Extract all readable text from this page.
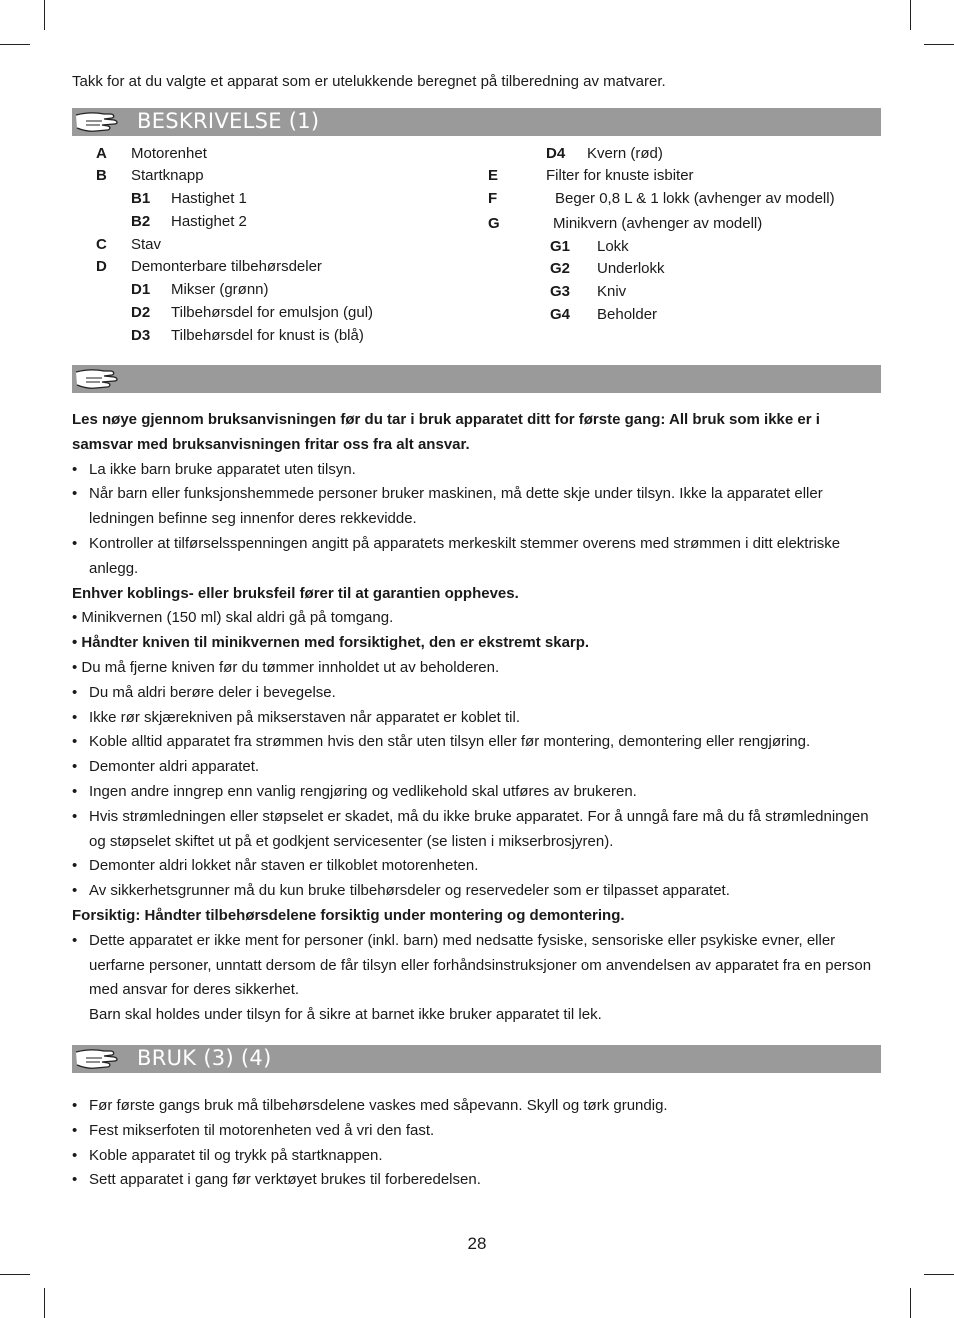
Takk for at du valgte et apparat som er utelukkende beregnet på tilberedning av matvarer.
BESKRIVELSE (1)
A Motorenhet
B Startknapp
B1 Hastighet 1
B2 Hastighet 2
C Stav
D Demonterbare tilbehørsdeler
D1 Mikser (grønn)
D2 Tilbehørsdel for emulsjon (gul)
D3 Tilbehørsdel for knust is (blå)
D4 Kvern (rød)
E	Filter for knuste isbiter
F	Beger 0,8 L & 1 lokk (avhenger av modell)
G	Minikvern (avhenger av modell)
G1 Lokk
G2 Underlokk
G3 Kniv
G4 Beholder

Les nøye gjennom bruksanvisningen før du tar i bruk apparatet ditt for første gang: All bruk som ikke er i samsvar med bruksanvisningen fritar oss fra alt ansvar.

• La ikke barn bruke apparatet uten tilsyn.

• Når barn eller funksjonshemmede personer bruker maskinen, må dette skje under tilsyn. Ikke la apparatet eller ledningen befinne seg innenfor deres rekkevidde.

• Kontroller at tilførselsspenningen angitt på apparatets merkeskilt stemmer overens med strømmen i ditt elektriske anlegg.

Enhver koblings- eller bruksfeil fører til at garantien oppheves.

• Minikvernen (150 ml) skal aldri gå på tomgang.

• Håndter kniven til minikvernen med forsiktighet, den er ekstremt skarp.

• Du må fjerne kniven før du tømmer innholdet ut av beholderen.

• Du må aldri berøre deler i bevegelse.

• Ikke rør skjærekniven på mikserstaven når apparatet er koblet til.

• Koble alltid apparatet fra strømmen hvis den står uten tilsyn eller før montering, demontering eller rengjøring.

• Demonter aldri apparatet.

• Ingen andre inngrep enn vanlig rengjøring og vedlikehold skal utføres av brukeren.

• Hvis strømledningen eller støpselet er skadet, må du ikke bruke apparatet. For å unngå fare må du få strømledningen og støpselet skiftet ut på et godkjent servicesenter (se listen i mikserbrosjyren).

• Demonter aldri lokket når staven er tilkoblet motorenheten.

• Av sikkerhetsgrunner må du kun bruke tilbehørsdeler og reservedeler som er tilpasset apparatet.

Forsiktig: Håndter tilbehørsdelene forsiktig under montering og demontering.

• Dette apparatet er ikke ment for personer (inkl. barn) med nedsatte fysiske, sensoriske eller psykiske evner, eller uerfarne personer, unntatt dersom de får tilsyn eller forhåndsinstruksjoner om anvendelsen av apparatet fra en person med ansvar for deres sikkerhet.

Barn skal holdes under tilsyn for å sikre at barnet ikke bruker apparatet til lek.

BRUK (3) (4)

• Før første gangs bruk må tilbehørsdelene vaskes med såpevann. Skyll og tørk grundig.

• Fest mikserfoten til motorenheten ved å vri den fast.

• Koble apparatet til og trykk på startknappen.

• Sett apparatet i gang før verktøyet brukes til forberedelsen.

28
